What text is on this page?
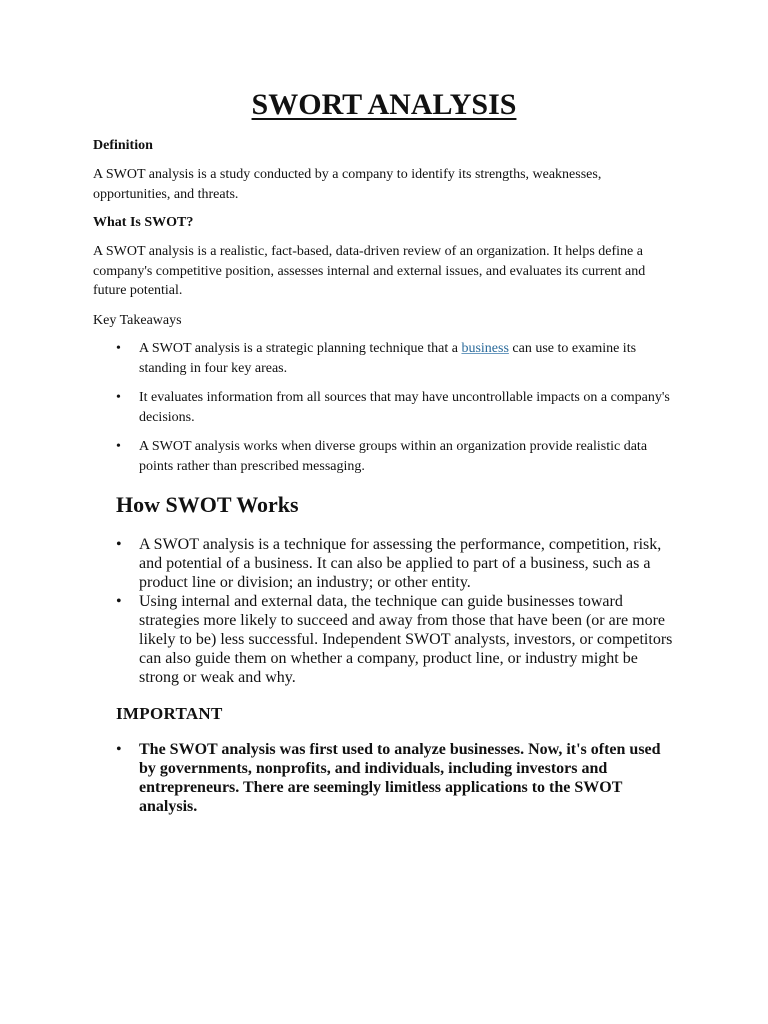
SWORT ANALYSIS

Definition

A SWOT analysis is a study conducted by a company to identify its strengths, weaknesses, opportunities, and threats.

What Is SWOT?

A SWOT analysis is a realistic, fact-based, data-driven review of an organization. It helps define a company's competitive position, assesses internal and external issues, and evaluates its current and future potential.

Key Takeaways

• A SWOT analysis is a strategic planning technique that a business can use to examine its standing in four key areas.
• It evaluates information from all sources that may have uncontrollable impacts on a company's decisions.
• A SWOT analysis works when diverse groups within an organization provide realistic data points rather than prescribed messaging.
How SWOT Works
• A SWOT analysis is a technique for assessing the performance, competition, risk, and potential of a business. It can also be applied to part of a business, such as a product line or division; an industry; or other entity.
• Using internal and external data, the technique can guide businesses toward strategies more likely to succeed and away from those that have been (or are more likely to be) less successful. Independent SWOT analysts, investors, or competitors can also guide them on whether a company, product line, or industry might be strong or weak and why.
IMPORTANT
• The SWOT analysis was first used to analyze businesses. Now, it's often used by governments, nonprofits, and individuals, including investors and entrepreneurs. There are seemingly limitless applications to the SWOT analysis.
